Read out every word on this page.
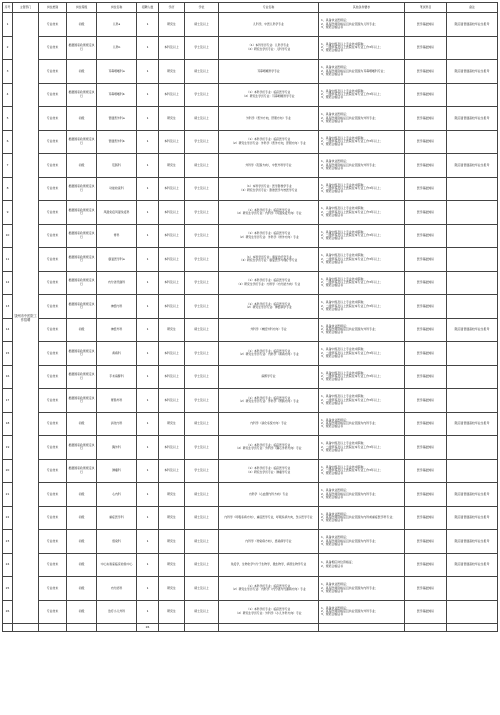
序号	主管部门	岗位类别	岗位等级	岗位名称	招聘人数	学历	学位	专业名称	其他条件要求	笔试科目	备注
1	饶州市中医院工作招聘	专业技术	初级	儿科a	1	研究生	硕士及以上	儿科学，中医儿科学专业	1、具备执业医师证；
2、具有医师资格证且执业范围为儿科专业；
3、规培合格证书	医学基础知识	限应届普通高校毕业生报考
2		专业技术	根据国家政策规定执行	儿科b	1	本科及以上	学士及以上	（1）本科学历专业：儿科学专业
（2）研究生学历专业：儿科学专业	1、具备中级及以上专业技术职称；
2、二级甲等及以上医院在本专业工作3年以上；
3、规培合格证书	医学基础知识	
3		专业技术	初级	耳鼻咽喉科a	1	研究生	硕士及以上	耳鼻咽喉科学专业	1、具备执业医师证；
2、具有医师资格证且执业范围为耳鼻咽喉科专业；
3、规培合格证书	医学基础知识	限应届普通高校毕业生报考
4		专业技术	根据国家政策规定执行	耳鼻咽喉科b	1	本科及以上	学士及以上	（1）本科学历专业：临床医学专业
（2）研究生学历专业：耳鼻咽喉科学专业	1、具备中级及以上专业技术职称；
2、二级甲等及以上医院在本专业工作3年以上；
3、规培合格证书	医学基础知识	
5		专业技术	初级	普通普外科a	1	研究生	硕士及以上	外科学（普外方向，肝胆方向）专业	1、具备执业医师证；
2、具有医师资格证且执业范围为外科专业；
3、规培合格证书	医学基础知识	限应届普通高校毕业生报考
6		专业技术	根据国家政策规定执行	普通普外科b	1	本科及以上	学士及以上	（1）本科学历专业：临床医学专业
（2）研究生学历专业：外科学（普外方向，肝胆方向）专业	1、具备中级及以上专业技术职称；
2、二级甲等及以上医院在本专业工作3年以上；
3、规培合格证书	医学基础知识	
7		专业技术	初级	肛肠科	1	研究生	硕士及以上	外科学（肛肠方向），中医外科学专业	1、具备执业医师证；
2、具有医师资格证且执业范围为外科专业；
3、规培合格证书	医学基础知识	限应届普通高校毕业生报考
8		专业技术	根据国家政策规定执行	功能检查科	1	本科及以上	学士及以上	（1）本科学历专业：医学影像学专业
（2）研究生学历专业：影像医学与核医学专业	1、具备中级及以上专业技术职称；
2、二级甲等及以上医院在本专业工作3年以上；
3、规培合格证书	医学基础知识	
9		专业技术	根据国家政策规定执行	风湿免疫风湿免疫科	1	本科及以上	学士及以上	（1）本科学历专业：临床医学专业
（2）研究生学历专业：内科学（风湿免疫方向）专业	1、具备中级及以上专业技术职称；
2、二级甲等及以上医院在本专业工作3年以上；
3、规培合格证书	医学基础知识	
10		专业技术	根据国家政策规定执行	骨科	1	本科及以上	学士及以上	（1）本科学历专业：临床医学专业
（2）研究生学历专业：外科学（骨外方向）专业	1、具备中级及以上专业技术职称；
2、二级甲等及以上医院在本专业工作3年以上；
3、规培合格证书	医学基础知识	
11		专业技术	根据国家政策规定执行	康复医学科a	1	本科及以上	学士及以上	（1）本科学历专业：康复治疗学专业
（2）研究生学历专业：康复医学与理疗学专业	1、具备中级及以上专业技术职称；
2、二级甲等及以上医院在本专业工作3年以上；
3、规培合格证书	医学基础知识	
12		专业技术	根据国家政策规定执行	内分泌代谢科	1	本科及以上	学士及以上	（1）本科学历专业：临床医学专业
（2）研究生学历专业：内科学（内分泌方向）专业	1、具备中级及以上专业技术职称；
2、二级甲等及以上医院在本专业工作3年以上；
3、规培合格证书	医学基础知识	
13		专业技术	根据国家政策规定执行	神经内科	1	本科及以上	学士及以上	（1）本科学历专业：临床医学专业
（2）研究生学历专业：神经病学专业	1、具备中级及以上专业技术职称；
2、二级甲等及以上医院在本专业工作3年以上；
3、规培合格证书	医学基础知识	
14		专业技术	初级	神经外科	1	研究生	硕士及以上	外科学（神经外科方向）专业	1、具备执业医师证；
2、具有医师资格证且执业范围为外科专业；
3、规培合格证书	医学基础知识	限应届普通高校毕业生报考
15		专业技术	根据国家政策规定执行	肾病科	1	本科及以上	学士及以上	（1）本科学历专业：临床医学专业
（2）研究生学历专业：内科学（肾病方向）专业	1、具备中级及以上专业技术职称；
2、二级甲等及以上医院在本专业工作3年以上；
3、规培合格证书	医学基础知识	
16		专业技术	根据国家政策规定执行	手术麻醉科	1	本科及以上	学士及以上	麻醉学专业	1、具备中级及以上专业技术职称；
2、二级甲等及以上医院在本专业工作3年以上；
3、规培合格证书	医学基础知识	
17		专业技术	根据国家政策规定执行	胃肠外科	1	本科及以上	学士及以上	（1）本科学历专业：临床医学专业
（2）研究生学历专业：外科学（胃肠方向）专业	1、具备中级及以上专业技术职称；
2、二级甲等及以上医院在本专业工作3年以上；
3、规培合格证书	医学基础知识	
18		专业技术	初级	消化内科	1	研究生	硕士及以上	内科学（消化系统方向）专业	1、具备执业医师证；
2、具有医师资格证且执业范围为内科专业；
3、规培合格证书	医学基础知识	限应届普通高校毕业生报考
19		专业技术	根据国家政策规定执行	胸外科	1	本科及以上	学士及以上	（1）本科学历专业：临床医学专业
（2）研究生学历专业：外科学（胸心外科方向）专业	1、具备中级及以上专业技术职称；
2、二级甲等及以上医院在本专业工作3年以上；
3、规培合格证书	医学基础知识	
20		专业技术	根据国家政策规定执行	肿瘤科	1	本科及以上	学士及以上	（1）本科学历专业：临床医学专业
（2）研究生学历专业：肿瘤学专业	1、具备中级及以上专业技术职称；
2、二级甲等及以上医院在本专业工作3年以上；
3、规培合格证书	医学基础知识	
21		专业技术	初级	心内科	1	研究生	硕士及以上	内科学（心血管内科方向）专业	1、具备执业医师证；
2、具有医师资格证且执业范围为内科专业；
3、规培合格证书	医学基础知识	限应届普通高校毕业生报考
22		专业技术	初级	重症医学科	1	研究生	硕士及以上	内科学（呼吸系病方向），重症医学专业，呼吸系病方向，急诊医学专业	1、具备执业医师证；
2、具有医师资格证且执业范围为内科或重症医学科专业；
3、规培合格证书	医学基础知识	限应届普通高校毕业生报考
23		专业技术	初级	感染科	1	研究生	硕士及以上	内科学（传染病方向），感染病学专业	1、具备执业医师证；
2、具有医师资格证且执业范围为内科专业；
3、规培合格证书	医学基础知识	限应届普通高校毕业生报考
24		专业技术	初级	中心实验室临床检验中心	1	研究生	硕士及以上	免疫学，生物化学与分子生物学，微生物学，病原生物学专业	1、具备相应岗位资格证；
2、规培合格证书	医学基础知识	限应届普通高校毕业生报考
25		专业技术	初级	内分泌科	1	研究生	硕士及以上	（1）本科学历专业：临床医学专业
（2）研究生学历专业：内科学（内分泌与代谢病方向）专业	1、具备执业医师证；
2、具有医师资格证且执业范围为内科专业；
3、规培合格证书	医学基础知识	
26		专业技术	初级	治疗小儿外科	1	研究生	硕士及以上	（1）本科学历专业：临床医学专业
（2）研究生学历专业：外科学（小儿外科方向）专业	1、具备执业医师证；
2、具有医师资格证且执业范围为外科专业；
3、规培合格证书	医学基础知识	
					26						
